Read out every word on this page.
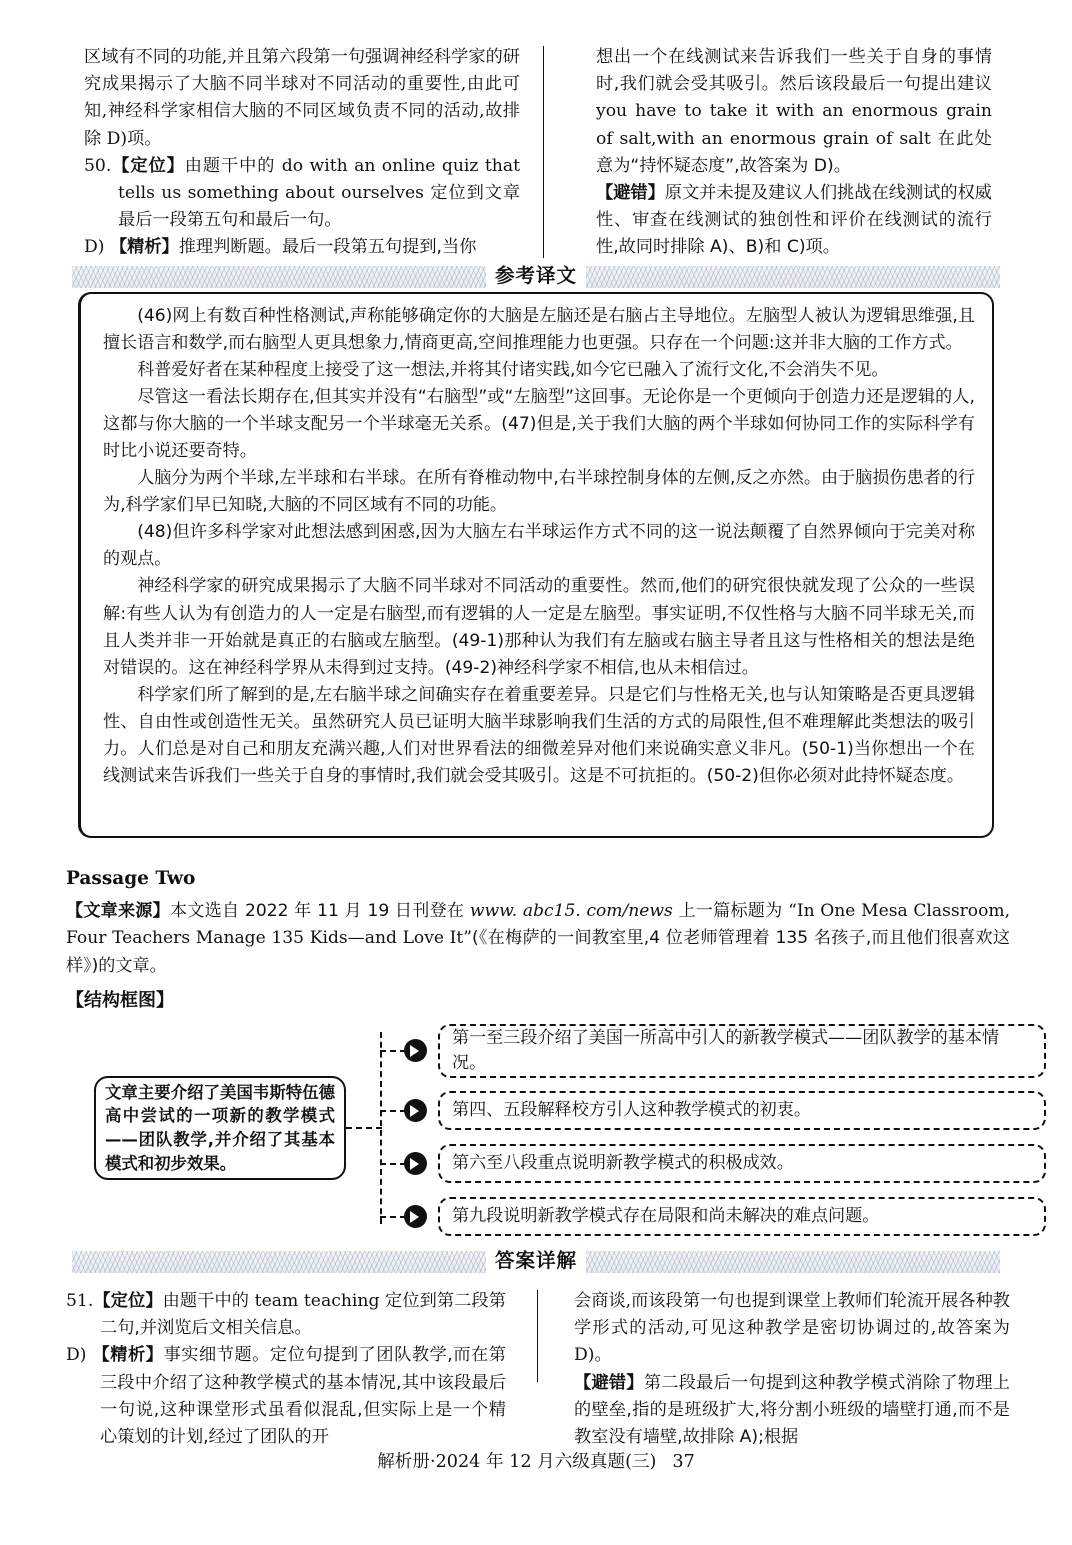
区域有不同的功能,并且第六段第一句强调神经科学家的研究成果揭示了大脑不同半球对不同活动的重要性,由此可知,神经科学家相信大脑的不同区域负责不同的活动,故排除 D)项。
50.【定位】由题干中的 do with an online quiz that tells us something about ourselves 定位到文章最后一段第五句和最后一句。
D) 【精析】推理判断题。最后一段第五句提到,当你
想出一个在线测试来告诉我们一些关于自身的事情时,我们就会受其吸引。然后该段最后一句提出建议 you have to take it with an enormous grain of salt,with an enormous grain of salt 在此处意为“持怀疑态度”,故答案为 D)。
【避错】原文并未提及建议人们挑战在线测试的权威性、审查在线测试的独创性和评价在线测试的流行性,故同时排除 A)、B)和 C)项。
参考译文

(46)网上有数百种性格测试,声称能够确定你的大脑是左脑还是右脑占主导地位。左脑型人被认为逻辑思维强,且擅长语言和数学,而右脑型人更具想象力,情商更高,空间推理能力也更强。只存在一个问题:这并非大脑的工作方式。

科普爱好者在某种程度上接受了这一想法,并将其付诸实践,如今它已融入了流行文化,不会消失不见。

尽管这一看法长期存在,但其实并没有“右脑型”或“左脑型”这回事。无论你是一个更倾向于创造力还是逻辑的人,这都与你大脑的一个半球支配另一个半球毫无关系。(47)但是,关于我们大脑的两个半球如何协同工作的实际科学有时比小说还要奇特。

人脑分为两个半球,左半球和右半球。在所有脊椎动物中,右半球控制身体的左侧,反之亦然。由于脑损伤患者的行为,科学家们早已知晓,大脑的不同区域有不同的功能。

(48)但许多科学家对此想法感到困惑,因为大脑左右半球运作方式不同的这一说法颠覆了自然界倾向于完美对称的观点。

神经科学家的研究成果揭示了大脑不同半球对不同活动的重要性。然而,他们的研究很快就发现了公众的一些误解:有些人认为有创造力的人一定是右脑型,而有逻辑的人一定是左脑型。事实证明,不仅性格与大脑不同半球无关,而且人类并非一开始就是真正的右脑或左脑型。(49-1)那种认为我们有左脑或右脑主导者且这与性格相关的想法是绝对错误的。这在神经科学界从未得到过支持。(49-2)神经科学家不相信,也从未相信过。

科学家们所了解到的是,左右脑半球之间确实存在着重要差异。只是它们与性格无关,也与认知策略是否更具逻辑性、自由性或创造性无关。虽然研究人员已证明大脑半球影响我们生活的方式的局限性,但不难理解此类想法的吸引力。人们总是对自己和朋友充满兴趣,人们对世界看法的细微差异对他们来说确实意义非凡。(50-1)当你想出一个在线测试来告诉我们一些关于自身的事情时,我们就会受其吸引。这是不可抗拒的。(50-2)但你必须对此持怀疑态度。

Passage Two
【文章来源】本文选自 2022 年 11 月 19 日刊登在 www. abc15. com/news 上一篇标题为 “In One Mesa Classroom, Four Teachers Manage 135 Kids—and Love It”(《在梅萨的一间教室里,4 位老师管理着 135 名孩子,而且他们很喜欢这样》)的文章。
【结构框图】
文章主要介绍了美国韦斯特伍德高中尝试的一项新的教学模式——团队教学,并介绍了其基本模式和初步效果。
第一至三段介绍了美国一所高中引人的新教学模式——团队教学的基本情况。
第四、五段解释校方引人这种教学模式的初衷。
第六至八段重点说明新教学模式的积极成效。
第九段说明新教学模式存在局限和尚未解决的难点问题。
答案详解
51.【定位】由题干中的 team teaching 定位到第二段第二句,并浏览后文相关信息。
D) 【精析】事实细节题。定位句提到了团队教学,而在第三段中介绍了这种教学模式的基本情况,其中该段最后一句说,这种课堂形式虽看似混乱,但实际上是一个精心策划的计划,经过了团队的开
会商谈,而该段第一句也提到课堂上教师们轮流开展各种教学形式的活动,可见这种教学是密切协调过的,故答案为 D)。
【避错】第二段最后一句提到这种教学模式消除了物理上的壁垒,指的是班级扩大,将分割小班级的墙壁打通,而不是教室没有墙壁,故排除 A);根据
解析册·2024 年 12 月六级真题(三) 37
